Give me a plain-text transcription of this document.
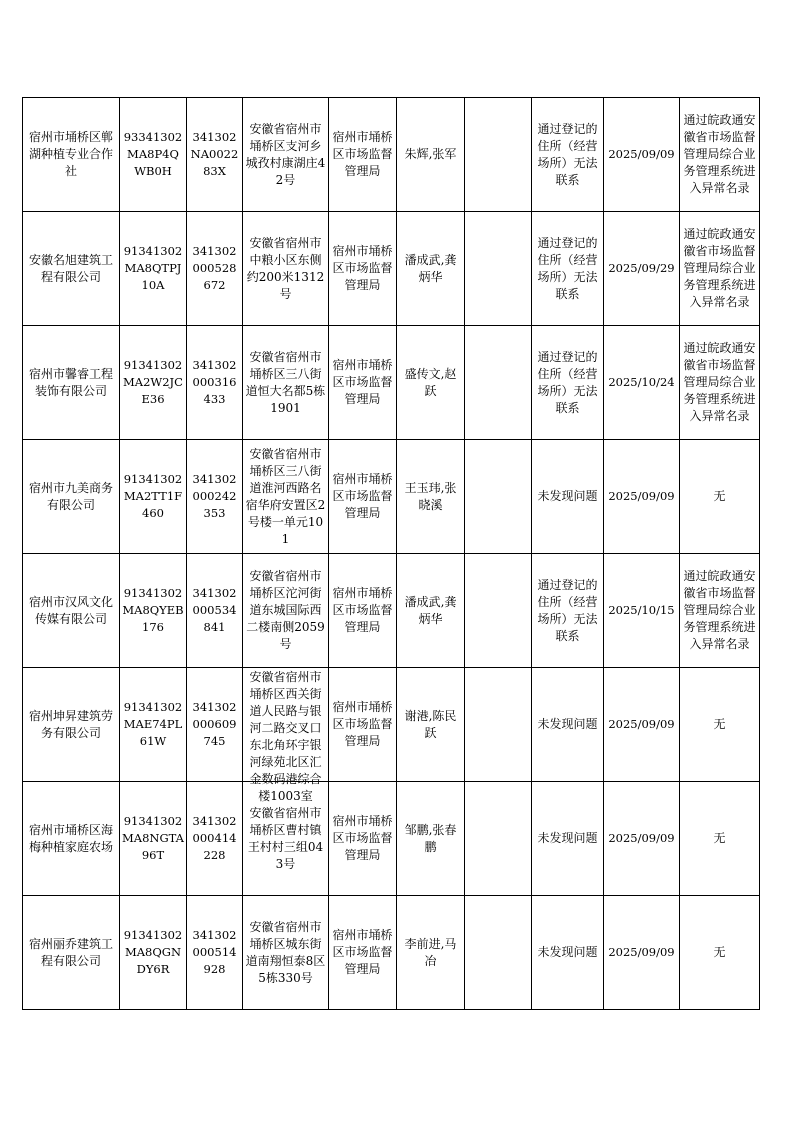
宿州市埇桥区郸湖种植专业合作社	93341302MA8P4QWB0H	341302NA002283X	安徽省宿州市埇桥区支河乡城孜村康湖庄42号	宿州市埇桥区市场监督管理局	朱辉,张军		通过登记的住所（经营场所）无法联系	2025/09/09	通过皖政通安徽省市场监督管理局综合业务管理系统进入异常名录

安徽名旭建筑工程有限公司	91341302MA8QTPJ10A	341302000528672	安徽省宿州市中粮小区东侧约200米1312号	宿州市埇桥区市场监督管理局	潘成武,龚炳华		通过登记的住所（经营场所）无法联系	2025/09/29	通过皖政通安徽省市场监督管理局综合业务管理系统进入异常名录

宿州市馨睿工程装饰有限公司	91341302MA2W2JCE36	341302000316433	安徽省宿州市埇桥区三八街道恒大名都5栋1901	宿州市埇桥区市场监督管理局	盛传文,赵跃		通过登记的住所（经营场所）无法联系	2025/10/24	通过皖政通安徽省市场监督管理局综合业务管理系统进入异常名录

宿州市九美商务有限公司	91341302MA2TT1F460	341302000242353	安徽省宿州市埇桥区三八街道淮河西路名宿华府安置区2号楼一单元101	宿州市埇桥区市场监督管理局	王玉玮,张晓溪		未发现问题	2025/09/09	无

宿州市汉风文化传媒有限公司	91341302MA8QYEB176	341302000534841	安徽省宿州市埇桥区沱河街道东城国际西二楼南侧2059号	宿州市埇桥区市场监督管理局	潘成武,龚炳华		通过登记的住所（经营场所）无法联系	2025/10/15	通过皖政通安徽省市场监督管理局综合业务管理系统进入异常名录

宿州坤昇建筑劳务有限公司	91341302MAE74PL61W	341302000609745	安徽省宿州市埇桥区西关街道人民路与银河二路交叉口东北角环宇银河绿苑北区汇金数码港综合楼1003室	宿州市埇桥区市场监督管理局	谢港,陈民跃		未发现问题	2025/09/09	无

宿州市埇桥区海梅种植家庭农场	91341302MA8NGTA96T	341302000414228	安徽省宿州市埇桥区曹村镇王村村三组043号	宿州市埇桥区市场监督管理局	邹鹏,张春鹏		未发现问题	2025/09/09	无

宿州丽乔建筑工程有限公司	91341302MA8QGNDY6R	341302000514928	安徽省宿州市埇桥区城东街道南翔恒泰8区5栋330号	宿州市埇桥区市场监督管理局	李前进,马冶		未发现问题	2025/09/09	无
